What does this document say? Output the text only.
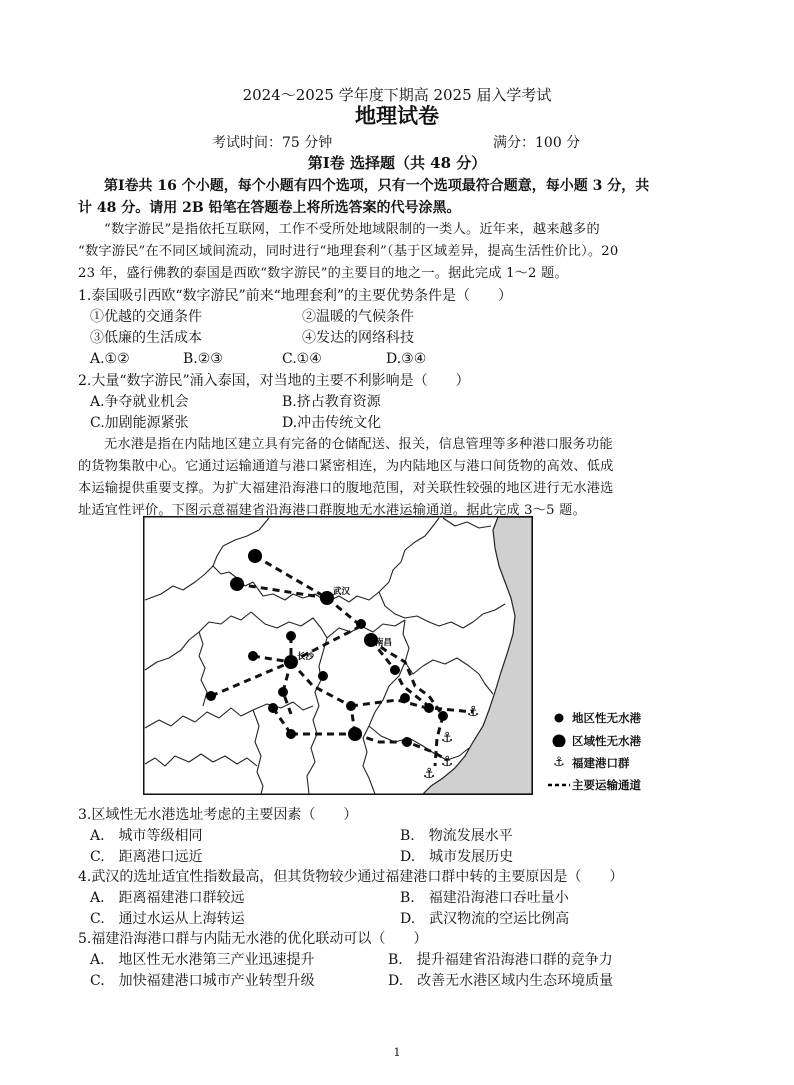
2024～2025 学年度下期高 2025 届入学考试
地理试卷
考试时间：75 分钟	满分：100 分
第Ⅰ卷 选择题（共 48 分）
第Ⅰ卷共 16 个小题，每个小题有四个选项，只有一个选项最符合题意，每小题 3 分，共
计 48 分。请用 2B 铅笔在答题卷上将所选答案的代号涂黑。
“数字游民”是指依托互联网，工作不受所处地域限制的一类人。近年来，越来越多的
“数字游民”在不同区域间流动，同时进行“地理套利”（基于区域差异，提高生活性价比）。20
23 年，盛行佛教的泰国是西欧“数字游民”的主要目的地之一。据此完成 1～2 题。
1.泰国吸引西欧“数字游民”前来“地理套利”的主要优势条件是（　　）
①优越的交通条件	②温暖的气候条件
③低廉的生活成本	④发达的网络科技
A.①②	B.②③	C.①④	D.③④
2.大量“数字游民”涌入泰国，对当地的主要不利影响是（　　）
A.争夺就业机会	B.挤占教育资源
C.加剧能源紧张	D.冲击传统文化
无水港是指在内陆地区建立具有完备的仓储配送、报关，信息管理等多种港口服务功能
的货物集散中心。它通过运输通道与港口紧密相连，为内陆地区与港口间货物的高效、低成
本运输提供重要支撑。为扩大福建沿海港口的腹地范围，对关联性较强的地区进行无水港选
址适宜性评价。下图示意福建省沿海港口群腹地无水港运输通道。据此完成 3～5 题。
⚓
⚓
⚓
⚓
武汉
南昌
长沙
地区性无水港
区域性无水港
⚓ 福建港口群
主要运输通道
3.区域性无水港选址考虑的主要因素（　　）
A.　城市等级相同	B.　物流发展水平
C.　距离港口远近	D.　城市发展历史
4.武汉的选址适宜性指数最高，但其货物较少通过福建港口群中转的主要原因是（　　）
A.　距离福建港口群较远	B.　福建沿海港口吞吐量小
C.　通过水运从上海转运	D.　武汉物流的空运比例高
5.福建沿海港口群与内陆无水港的优化联动可以（　　）
A.　地区性无水港第三产业迅速提升	B.　提升福建省沿海港口群的竞争力
C.　加快福建港口城市产业转型升级	D.　改善无水港区域内生态环境质量
1
